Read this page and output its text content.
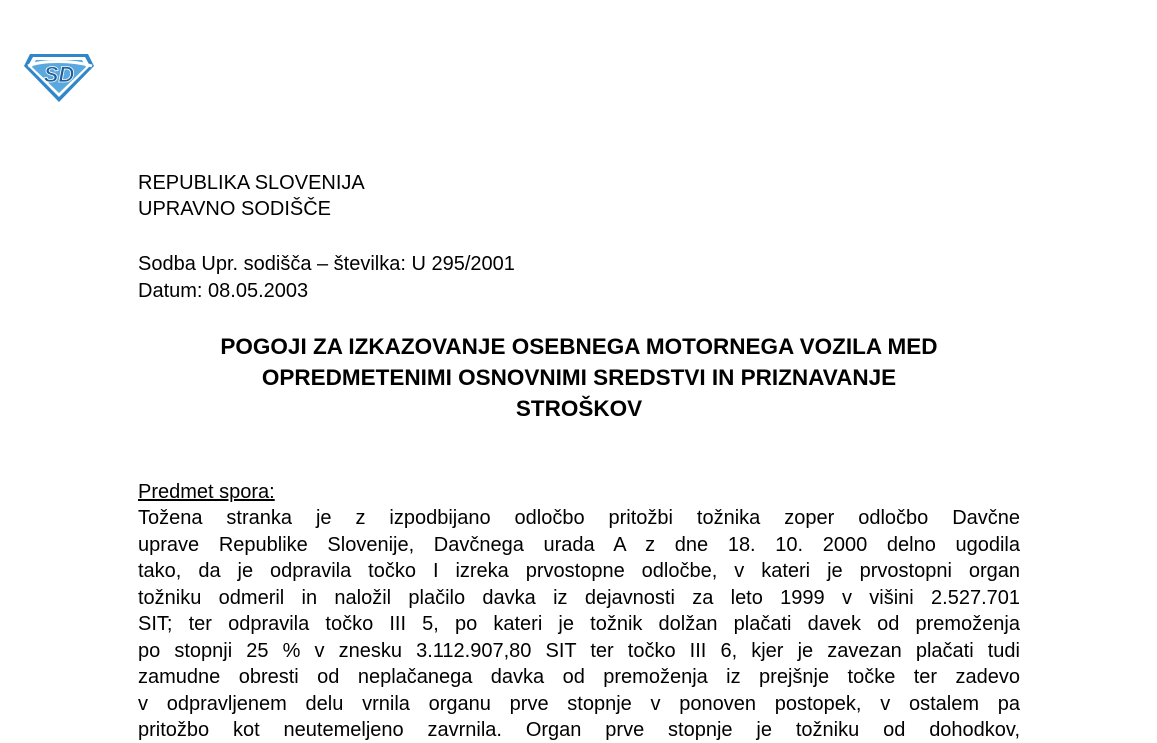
SD
REPUBLIKA SLOVENIJA
UPRAVNO SODIŠČE
Sodba Upr. sodišča – številka: U 295/2001
Datum: 08.05.2003
POGOJI ZA IZKAZOVANJE OSEBNEGA MOTORNEGA VOZILA MED
OPREDMETENIMI OSNOVNIMI SREDSTVI IN PRIZNAVANJE
STROŠKOV
Predmet spora:
Tožena stranka je z izpodbijano odločbo pritožbi tožnika zoper odločbo Davčne
uprave Republike Slovenije, Davčnega urada A z dne 18. 10. 2000 delno ugodila
tako, da je odpravila točko I izreka prvostopne odločbe, v kateri je prvostopni organ
tožniku odmeril in naložil plačilo davka iz dejavnosti za leto 1999 v višini 2.527.701
SIT; ter odpravila točko III 5, po kateri je tožnik dolžan plačati davek od premoženja
po stopnji 25 % v znesku 3.112.907,80 SIT ter točko III 6, kjer je zavezan plačati tudi
zamudne obresti od neplačanega davka od premoženja iz prejšnje točke ter zadevo
v odpravljenem delu vrnila organu prve stopnje v ponoven postopek, v ostalem pa
pritožbo kot neutemeljeno zavrnila. Organ prve stopnje je tožniku od dohodkov,
